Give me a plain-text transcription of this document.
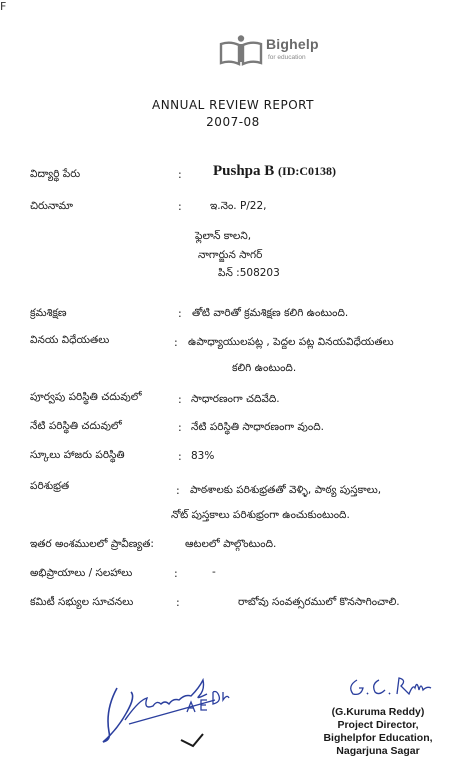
F
Bighelp
for education
ANNUAL REVIEW REPORT
2007-08
విద్యార్థి పేరు	: Pushpa B (ID:C0138)
చిరునామా	:	ఇ.నెం. P/22,
ఫ్లెలాన్ కాలని,
నాగార్జున సాగర్
పిన్ :508203
క్రమశిక్షణ	: తోటి వారితో క్రమశిక్షణ కలిగి ఉంటుంది.
వినయ విధేయతలు	: ఉపాధ్యాయులపట్ల , పెద్దల పట్ల వినయవిధేయతలు
కలిగి ఉంటుంది.
పూర్వపు పరిస్థితి చదువులో	: సాధారణంగా చదివేది.
నేటి పరిస్థితి చదువులో	: నేటి పరిస్థితి సాధారణంగా వుంది.
స్కూలు హాజరు పరిస్థితి	: 83%
పరిశుభ్రత	: పాఠశాలకు పరిశుభ్రతతో వెళ్ళి, పాఠ్య పుస్తకాలు,
నోట్ పుస్తకాలు పరిశుభ్రంగా ఉంచుకుంటుంది.
ఇతర అంశములలో ప్రావీణ్యత:	ఆటలలో పాల్గొంటుంది.
అభిప్రాయాలు / సలహాలు	:	-
కమిటీ సభ్యుల సూచనలు	:	రాబోవు సంవత్సరములో కొనసాగించాలి.
(G.Kuruma Reddy)
Project Director,
Bighelpfor Education,
Nagarjuna Sagar
